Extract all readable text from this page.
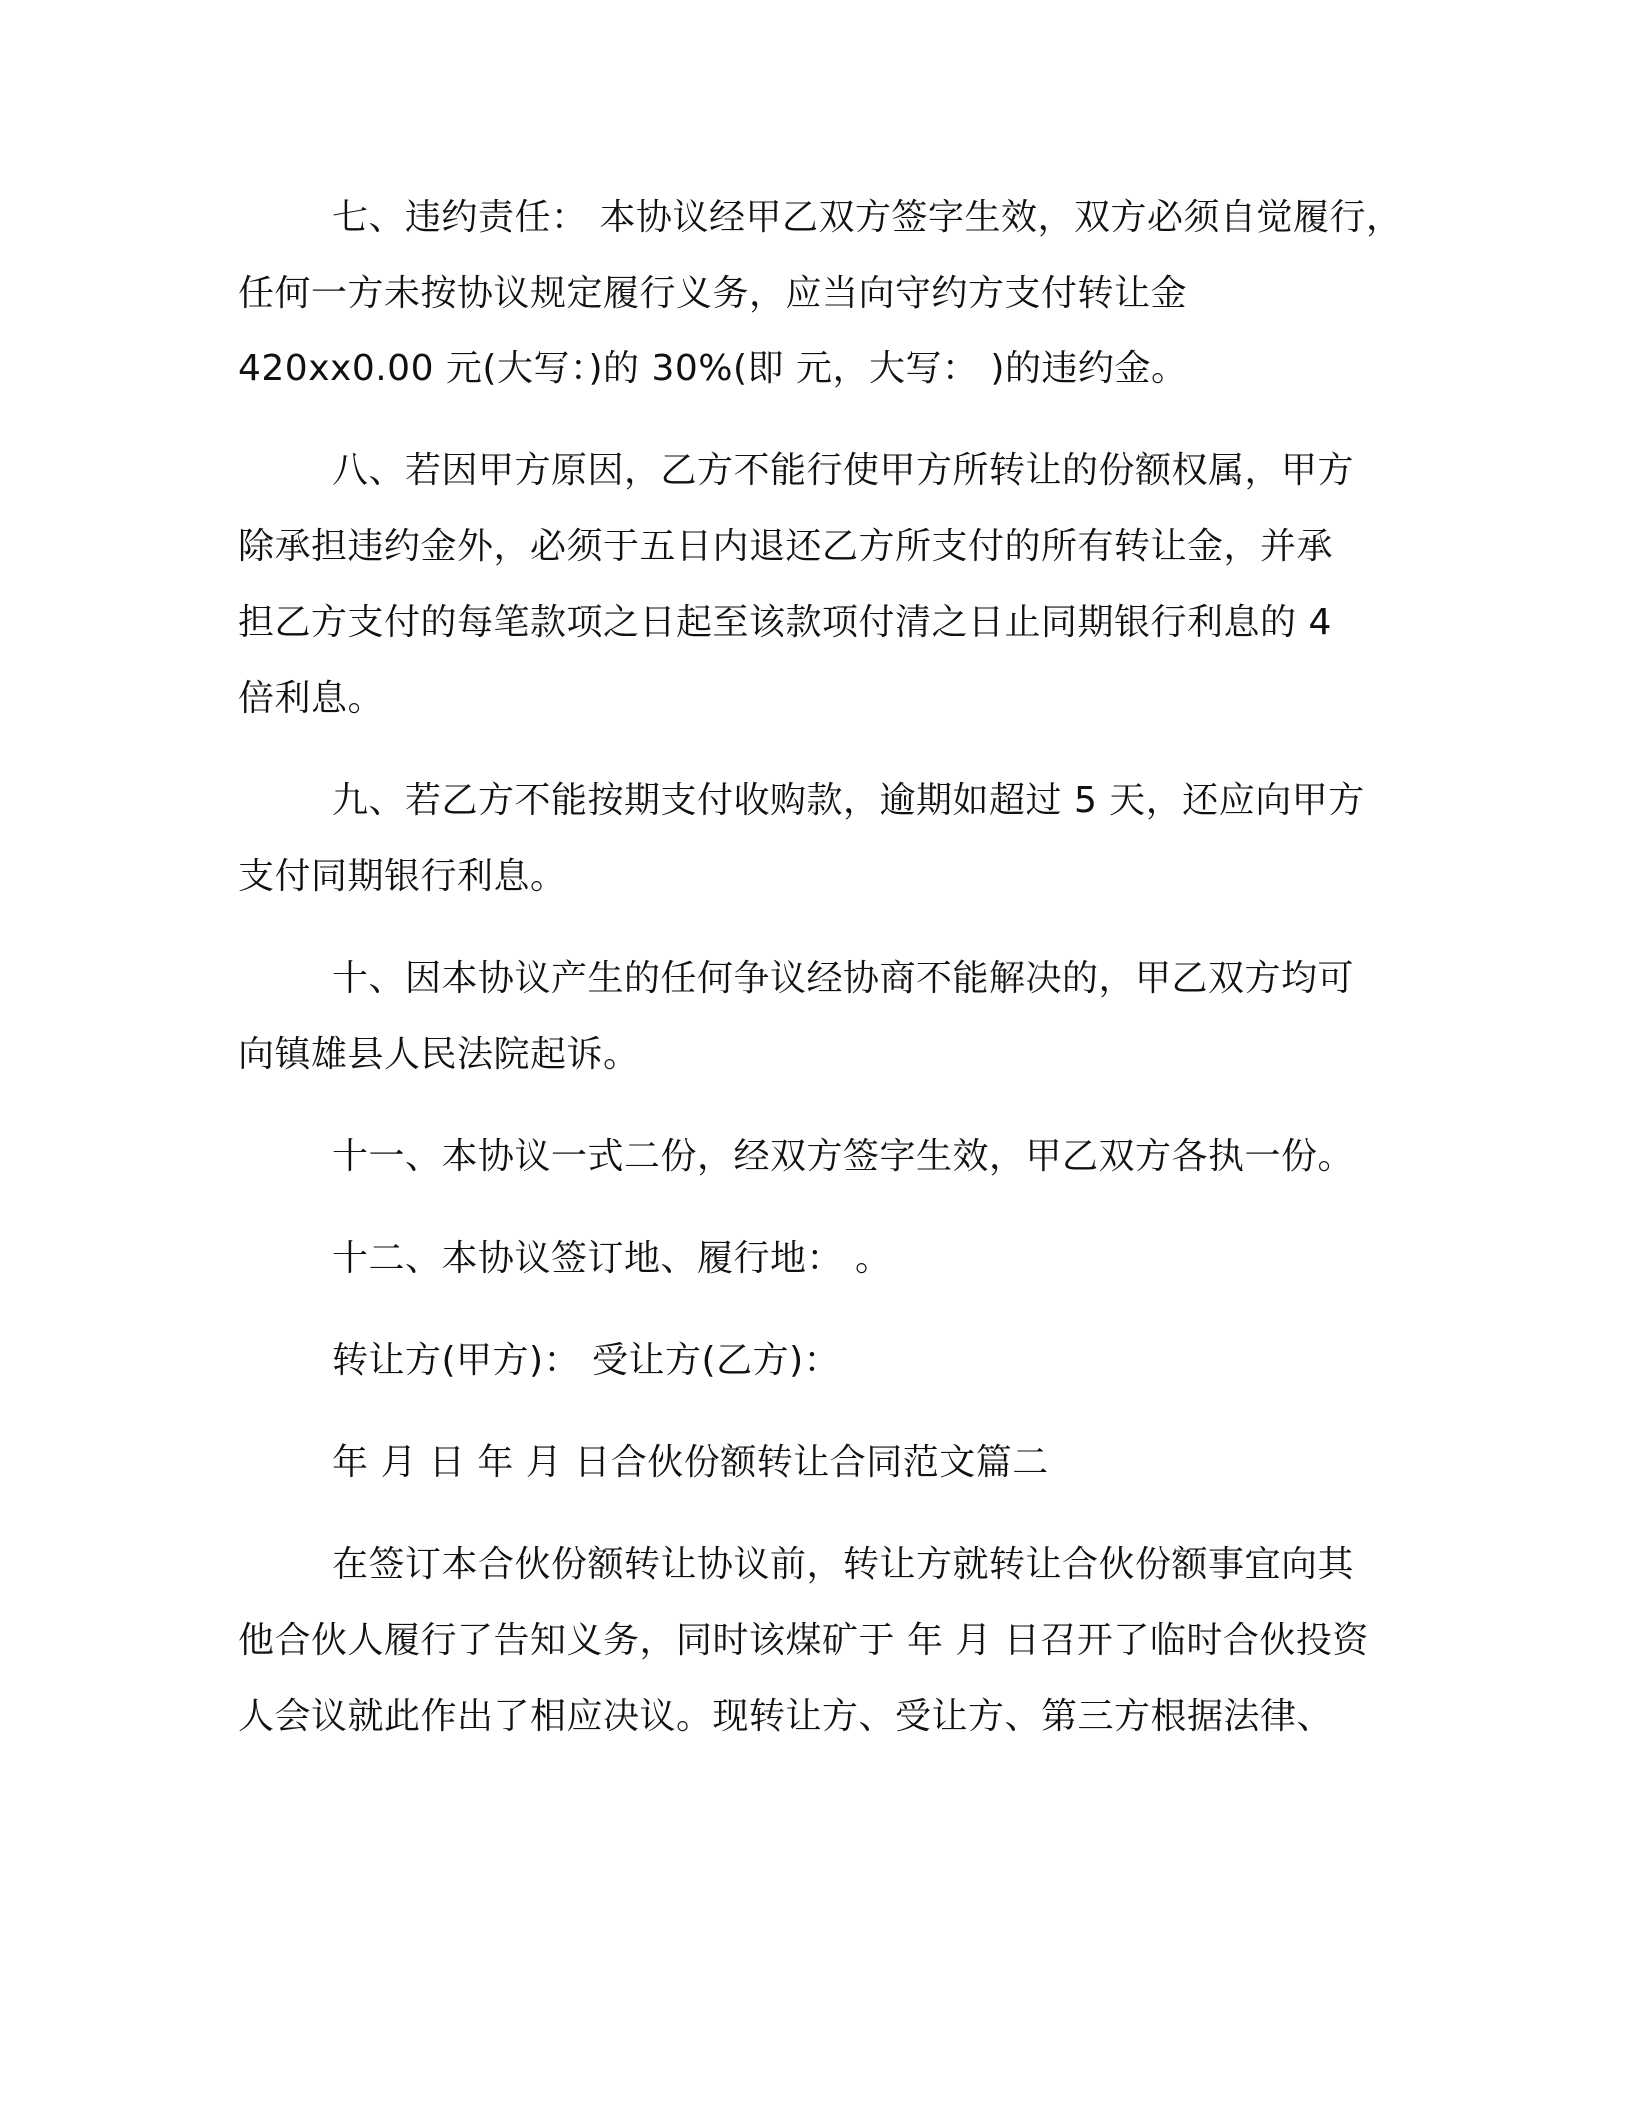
七、违约责任： 本协议经甲乙双方签字生效，双方必须自觉履行，
任何一方未按协议规定履行义务，应当向守约方支付转让金
420xx0.00 元(大写：)的 30%(即 元，大写： )的违约金。
八、若因甲方原因，乙方不能行使甲方所转让的份额权属，甲方
除承担违约金外，必须于五日内退还乙方所支付的所有转让金，并承
担乙方支付的每笔款项之日起至该款项付清之日止同期银行利息的 4
倍利息。
九、若乙方不能按期支付收购款，逾期如超过 5 天，还应向甲方
支付同期银行利息。
十、因本协议产生的任何争议经协商不能解决的，甲乙双方均可
向镇雄县人民法院起诉。
十一、本协议一式二份，经双方签字生效，甲乙双方各执一份。
十二、本协议签订地、履行地： 。
转让方(甲方)： 受让方(乙方)：
年 月 日 年 月 日合伙份额转让合同范文篇二
在签订本合伙份额转让协议前，转让方就转让合伙份额事宜向其
他合伙人履行了告知义务，同时该煤矿于 年 月 日召开了临时合伙投资
人会议就此作出了相应决议。现转让方、受让方、第三方根据法律、
